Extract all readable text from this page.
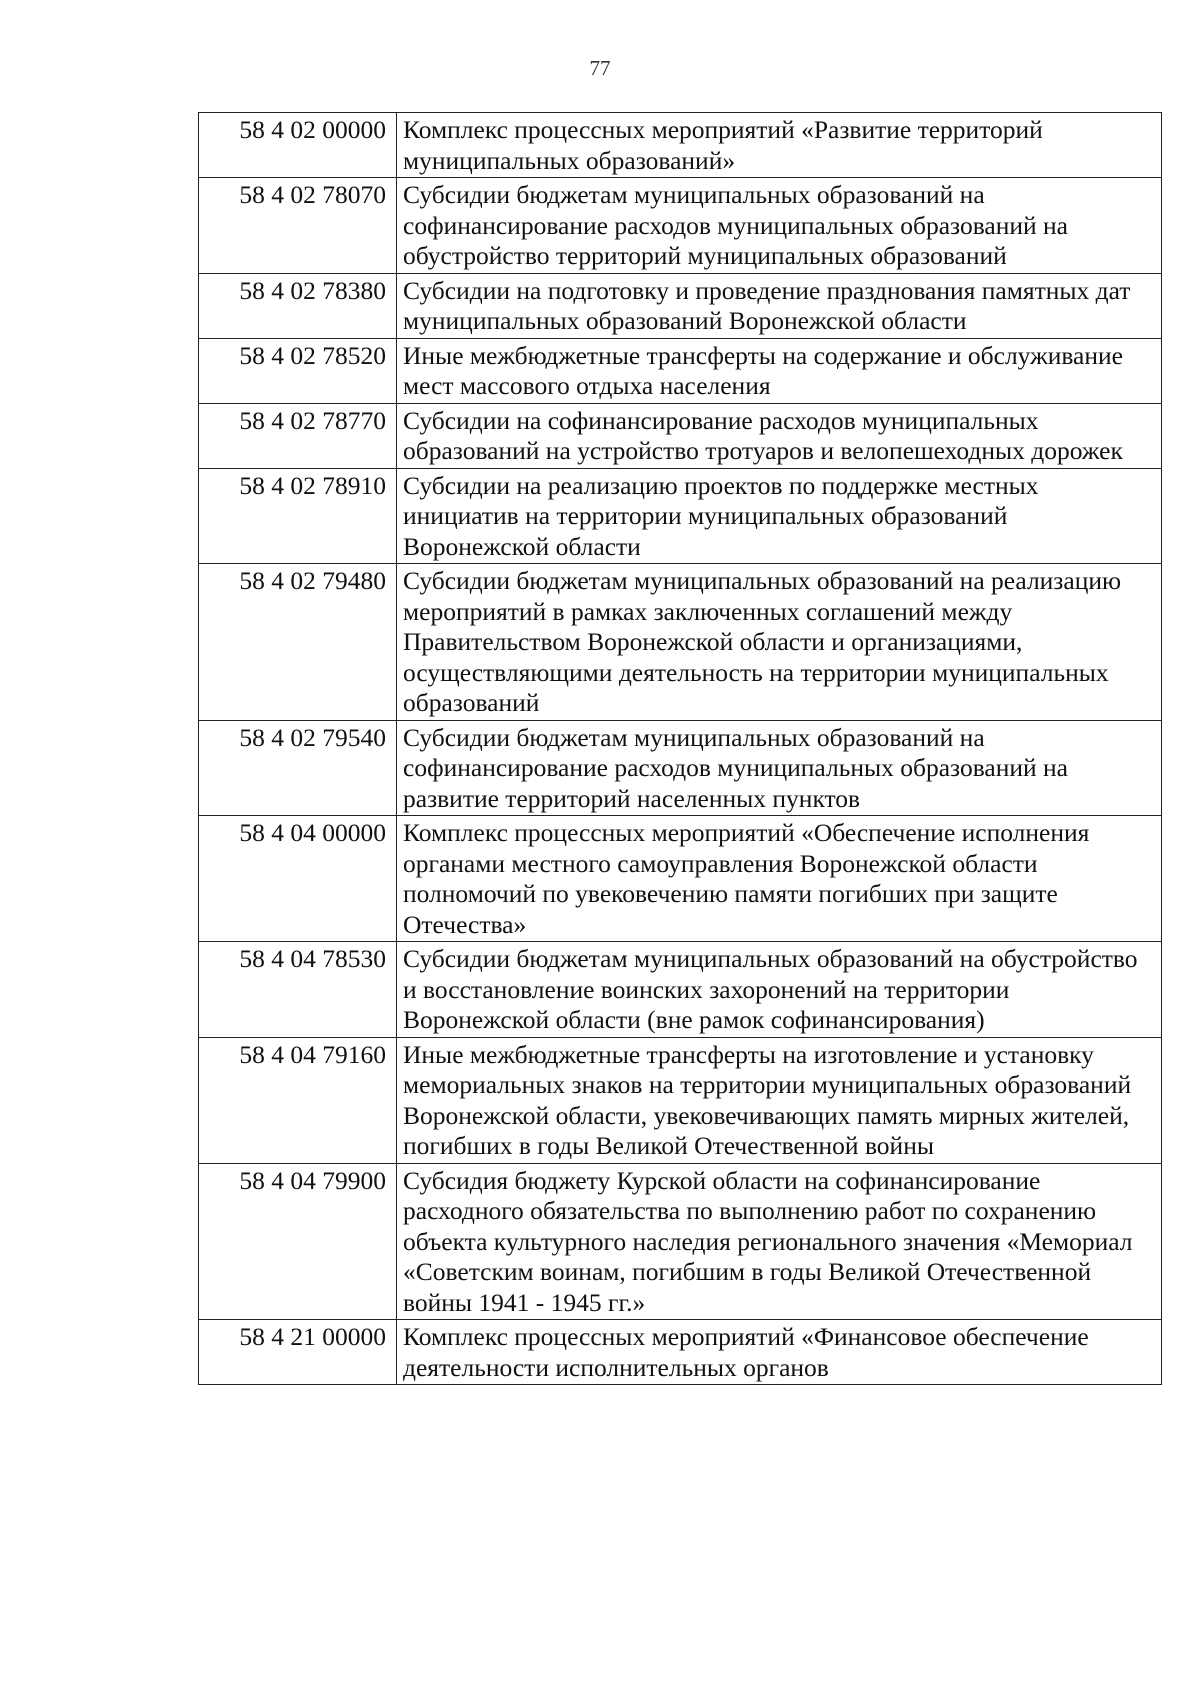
77
58 4 02 00000	Комплекс процессных мероприятий «Развитие территорий муниципальных образований»
58 4 02 78070	Субсидии бюджетам муниципальных образований на софинансирование расходов муниципальных образований на обустройство территорий муниципальных образований
58 4 02 78380	Субсидии на подготовку и проведение празднования памятных дат муниципальных образований Воронежской области
58 4 02 78520	Иные межбюджетные трансферты на содержание и обслуживание мест массового отдыха населения
58 4 02 78770	Субсидии на софинансирование расходов муниципальных образований на устройство тротуаров и велопешеходных дорожек
58 4 02 78910	Субсидии на реализацию проектов по поддержке местных инициатив на территории муниципальных образований Воронежской области
58 4 02 79480	Субсидии бюджетам муниципальных образований на реализацию мероприятий в рамках заключенных соглашений между Правительством Воронежской области и организациями, осуществляющими деятельность на территории муниципальных образований
58 4 02 79540	Субсидии бюджетам муниципальных образований на софинансирование расходов муниципальных образований на развитие территорий населенных пунктов
58 4 04 00000	Комплекс процессных мероприятий «Обеспечение исполнения органами местного самоуправления Воронежской области полномочий по увековечению памяти погибших при защите Отечества»
58 4 04 78530	Субсидии бюджетам муниципальных образований на обустройство и восстановление воинских захоронений на территории Воронежской области (вне рамок софинансирования)
58 4 04 79160	Иные межбюджетные трансферты на изготовление и установку мемориальных знаков на территории муниципальных образований Воронежской области, увековечивающих память мирных жителей, погибших в годы Великой Отечественной войны
58 4 04 79900	Субсидия бюджету Курской области на софинансирование расходного обязательства по выполнению работ по сохранению объекта культурного наследия регионального значения «Мемориал «Советским воинам, погибшим в годы Великой Отечественной войны 1941 - 1945 гг.»
58 4 21 00000	Комплекс процессных мероприятий «Финансовое обеспечение деятельности исполнительных органов
